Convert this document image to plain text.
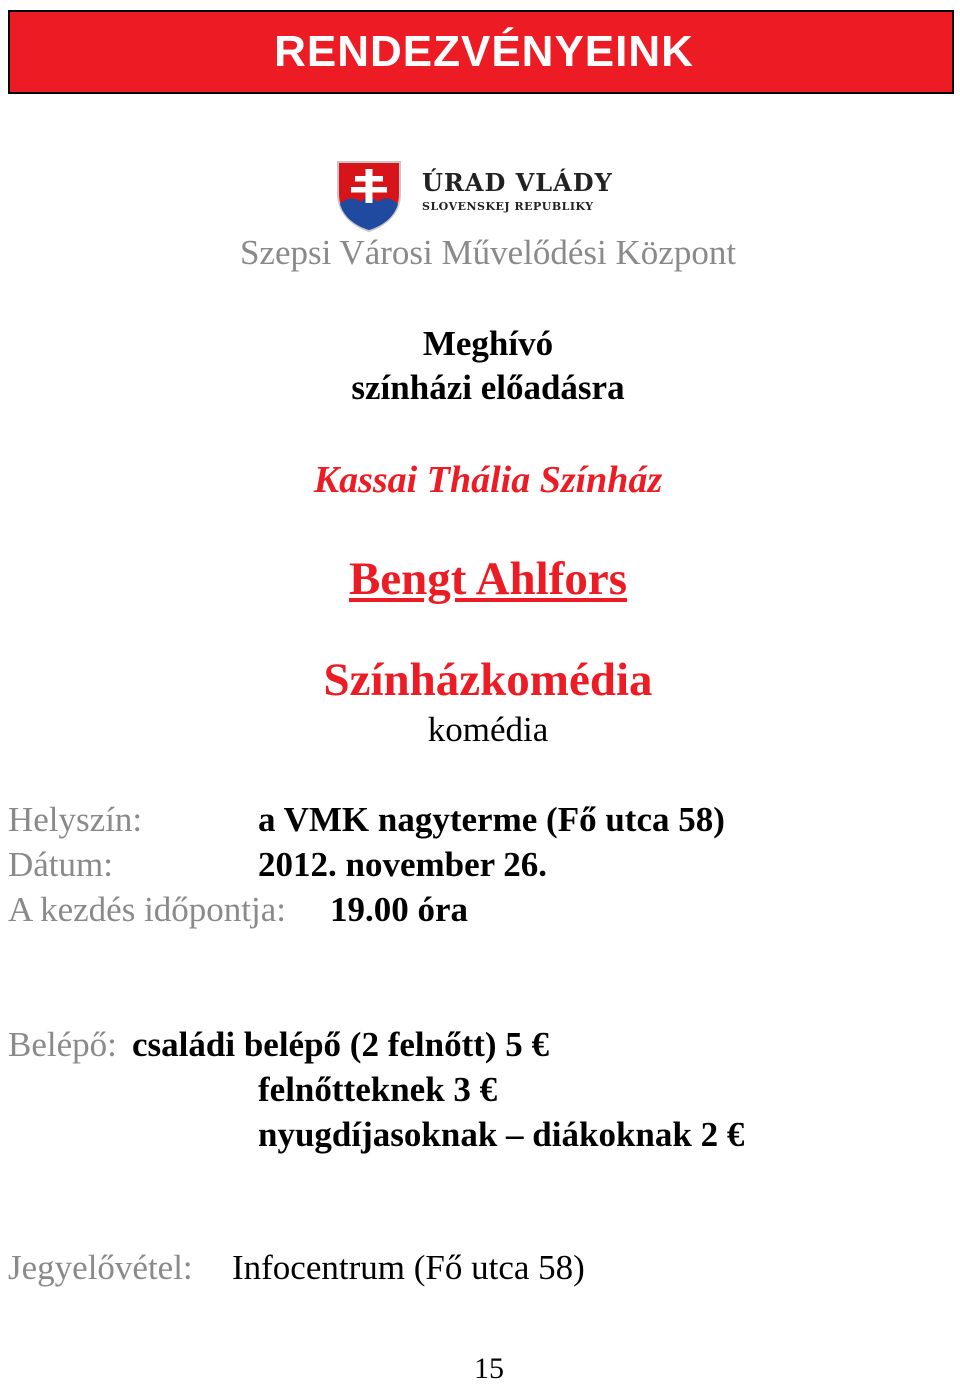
RENDEZVÉNYEINK
ÚRAD VLÁDY
SLOVENSKEJ REPUBLIKY
Szepsi Városi Művelődési Központ
Meghívó
színházi előadásra
Kassai Thália Színház
Bengt Ahlfors
Színházkomédia
komédia
Helyszín:	a VMK nagyterme (Fő utca 58)
Dátum:	2012. november 26.
A kezdés időpontja: 19.00 óra
Belépő: családi belépő (2 felnőtt) 5 €
felnőtteknek 3 €
nyugdíjasoknak – diákoknak 2 €
Jegyelővétel: Infocentrum (Fő utca 58)
15
